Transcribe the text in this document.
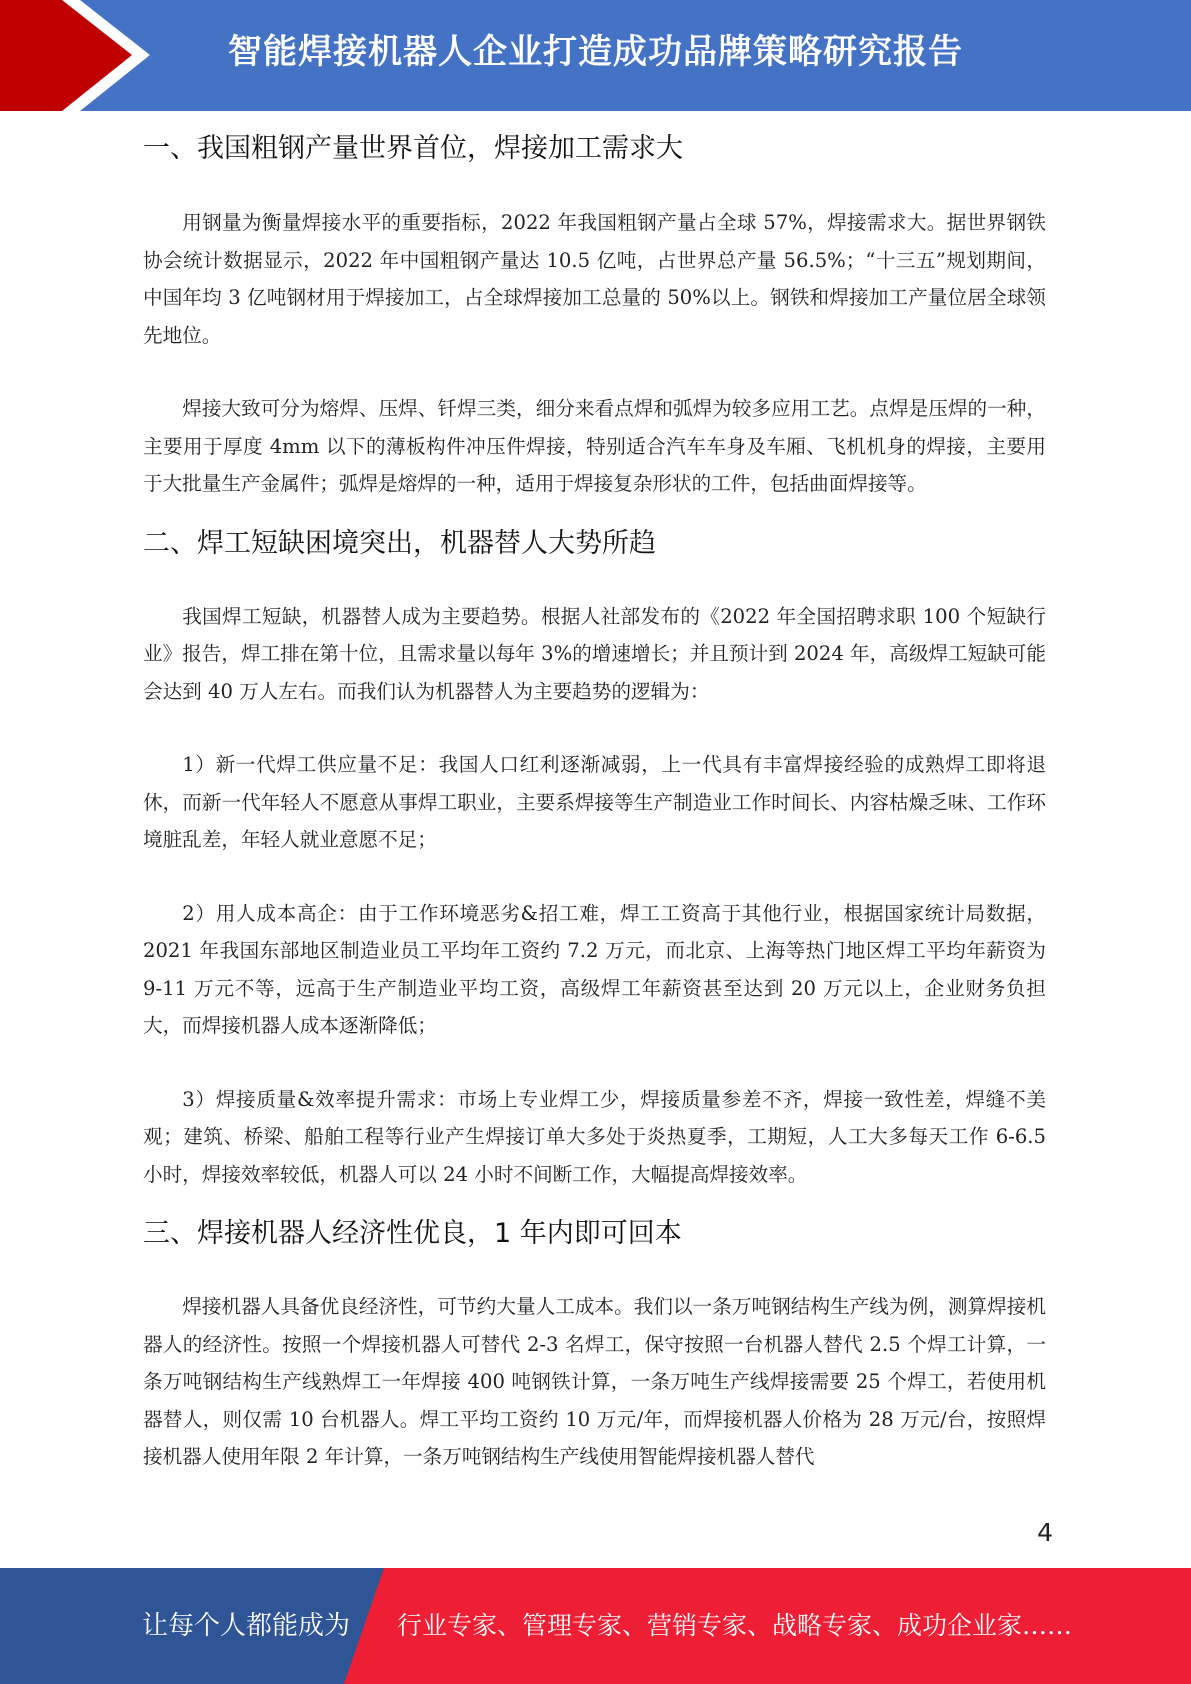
智能焊接机器人企业打造成功品牌策略研究报告
一、我国粗钢产量世界首位，焊接加工需求大

用钢量为衡量焊接水平的重要指标，2022 年我国粗钢产量占全球 57%，焊接需求大。据世界钢铁协会统计数据显示，2022 年中国粗钢产量达 10.5 亿吨，占世界总产量 56.5%；“十三五”规划期间，中国年均 3 亿吨钢材用于焊接加工，占全球焊接加工总量的 50%以上。钢铁和焊接加工产量位居全球领先地位。

焊接大致可分为熔焊、压焊、钎焊三类，细分来看点焊和弧焊为较多应用工艺。点焊是压焊的一种，主要用于厚度 4mm 以下的薄板构件冲压件焊接，特别适合汽车车身及车厢、飞机机身的焊接，主要用于大批量生产金属件；弧焊是熔焊的一种，适用于焊接复杂形状的工件，包括曲面焊接等。

二、焊工短缺困境突出，机器替人大势所趋

我国焊工短缺，机器替人成为主要趋势。根据人社部发布的《2022 年全国招聘求职 100 个短缺行业》报告，焊工排在第十位，且需求量以每年 3%的增速增长；并且预计到 2024 年，高级焊工短缺可能会达到 40 万人左右。而我们认为机器替人为主要趋势的逻辑为：

1）新一代焊工供应量不足：我国人口红利逐渐减弱，上一代具有丰富焊接经验的成熟焊工即将退休，而新一代年轻人不愿意从事焊工职业，主要系焊接等生产制造业工作时间长、内容枯燥乏味、工作环境脏乱差，年轻人就业意愿不足；

2）用人成本高企：由于工作环境恶劣&招工难，焊工工资高于其他行业，根据国家统计局数据，2021 年我国东部地区制造业员工平均年工资约 7.2 万元，而北京、上海等热门地区焊工平均年薪资为 9-11 万元不等，远高于生产制造业平均工资，高级焊工年薪资甚至达到 20 万元以上，企业财务负担大，而焊接机器人成本逐渐降低；

3）焊接质量&效率提升需求：市场上专业焊工少，焊接质量参差不齐，焊接一致性差，焊缝不美观；建筑、桥梁、船舶工程等行业产生焊接订单大多处于炎热夏季，工期短，人工大多每天工作 6-6.5 小时，焊接效率较低，机器人可以 24 小时不间断工作，大幅提高焊接效率。

三、焊接机器人经济性优良，1 年内即可回本

焊接机器人具备优良经济性，可节约大量人工成本。我们以一条万吨钢结构生产线为例，测算焊接机器人的经济性。按照一个焊接机器人可替代 2-3 名焊工，保守按照一台机器人替代 2.5 个焊工计算，一条万吨钢结构生产线熟焊工一年焊接 400 吨钢铁计算，一条万吨生产线焊接需要 25 个焊工，若使用机器替人，则仅需 10 台机器人。焊工平均工资约 10 万元/年，而焊接机器人价格为 28 万元/台，按照焊接机器人使用年限 2 年计算，一条万吨钢结构生产线使用智能焊接机器人替代

4
让每个人都能成为 行业专家、管理专家、营销专家、战略专家、成功企业家……
